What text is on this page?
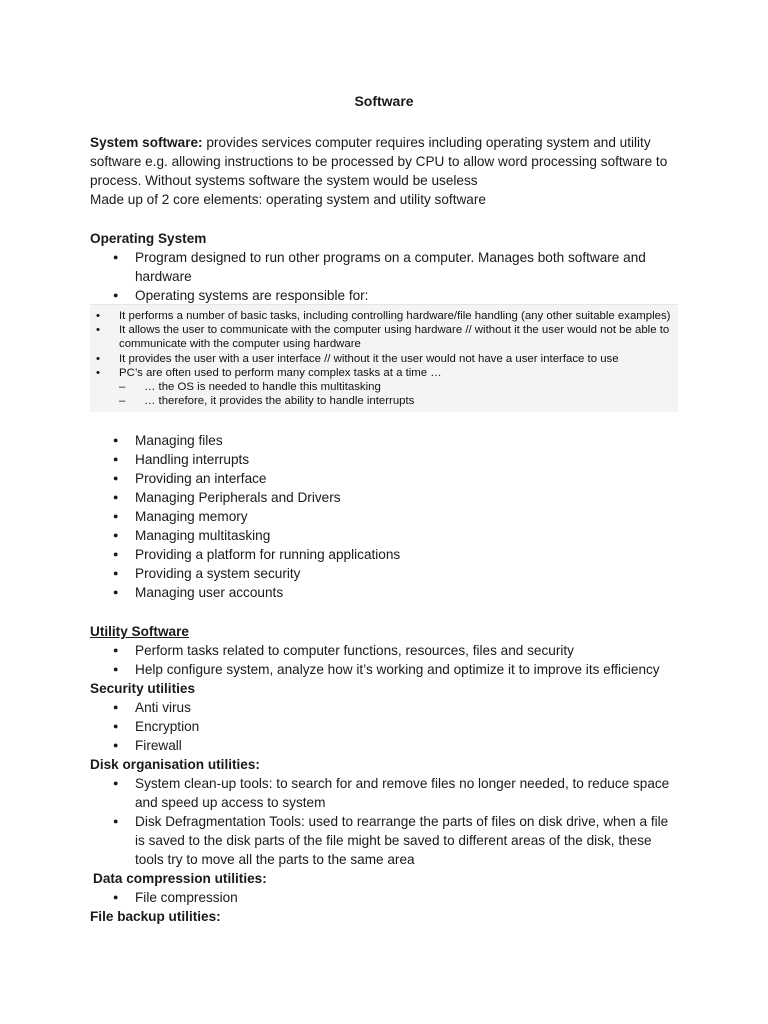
Software

System software: provides services computer requires including operating system and utility software e.g. allowing instructions to be processed by CPU to allow word processing software to process. Without systems software the system would be useless

Made up of 2 core elements: operating system and utility software

Operating System

● Program designed to run other programs on a computer. Manages both software and hardware
● Operating systems are responsible for:
• It performs a number of basic tasks, including controlling hardware/file handling (any other suitable examples)
• It allows the user to communicate with the computer using hardware // without it the user would not be able to
communicate with the computer using hardware
• It provides the user with a user interface // without it the user would not have a user interface to use
• PC’s are often used to perform many complex tasks at a time …
– … the OS is needed to handle this multitasking
– … therefore, it provides the ability to handle interrupts
● Managing files
● Handling interrupts
● Providing an interface
● Managing Peripherals and Drivers
● Managing memory
● Managing multitasking
● Providing a platform for running applications
● Providing a system security
● Managing user accounts

Utility Software

● Perform tasks related to computer functions, resources, files and security
● Help configure system, analyze how it’s working and optimize it to improve its efficiency

Security utilities

● Anti virus
● Encryption
● Firewall

Disk organisation utilities:

● System clean-up tools: to search for and remove files no longer needed, to reduce space and speed up access to system
● Disk Defragmentation Tools: used to rearrange the parts of files on disk drive, when a file is saved to the disk parts of the file might be saved to different areas of the disk, these tools try to move all the parts to the same area

Data compression utilities:

● File compression

File backup utilities:
